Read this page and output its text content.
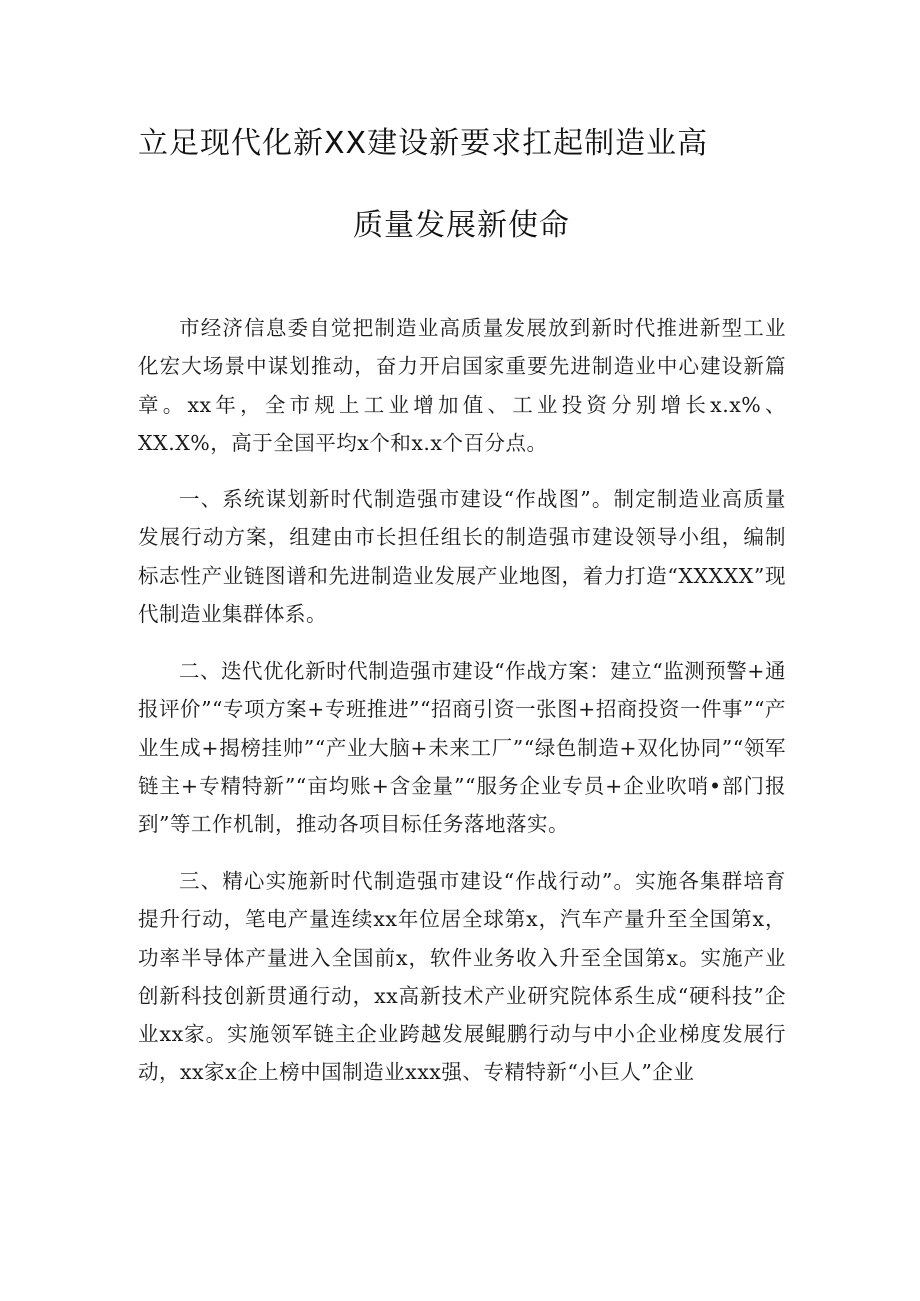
立足现代化新XX建设新要求扛起制造业高
质量发展新使命

市经济信息委自觉把制造业高质量发展放到新时代推进新型工业化宏大场景中谋划推动，奋力开启国家重要先进制造业中心建设新篇章。xx年，全市规上工业增加值、工业投资分别增长x.x%、XX.X%，高于全国平均x个和x.x个百分点。

一、系统谋划新时代制造强市建设“作战图”。制定制造业高质量发展行动方案，组建由市长担任组长的制造强市建设领导小组，编制标志性产业链图谱和先进制造业发展产业地图，着力打造“XXXXX”现代制造业集群体系。

二、迭代优化新时代制造强市建设“作战方案：建立“监测预警+通报评价”“专项方案+专班推进”“招商引资一张图+招商投资一件事”“产业生成+揭榜挂帅”“产业大脑+未来工厂”“绿色制造+双化协同”“领军链主+专精特新”“亩均账+含金量”“服务企业专员+企业吹哨•部门报到”等工作机制，推动各项目标任务落地落实。

三、精心实施新时代制造强市建设“作战行动”。实施各集群培育提升行动，笔电产量连续xx年位居全球第x，汽车产量升至全国第x，功率半导体产量进入全国前x，软件业务收入升至全国第x。实施产业创新科技创新贯通行动，xx高新技术产业研究院体系生成“硬科技”企业xx家。实施领军链主企业跨越发展鲲鹏行动与中小企业梯度发展行动，xx家x企上榜中国制造业xxx强、专精特新“小巨人”企业
